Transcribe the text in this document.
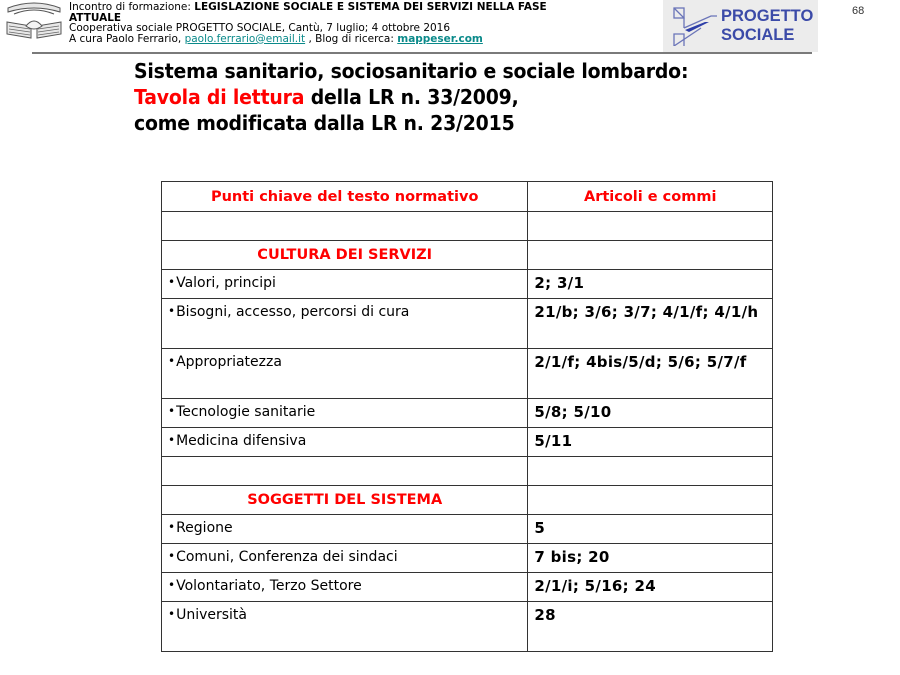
Incontro di formazione: LEGISLAZIONE SOCIALE E SISTEMA DEI SERVIZI NELLA FASE
ATTUALE
Cooperativa sociale PROGETTO SOCIALE, Cantù, 7 luglio; 4 ottobre 2016
A cura Paolo Ferrario, paolo.ferrario@email.it , Blog di ricerca: mappeser.com
PROGETTO
SOCIALE
68
Sistema sanitario, sociosanitario e sociale lombardo:
Tavola di lettura della LR n. 33/2009,
come modificata dalla LR n. 23/2015
Punti chiave del testo normativo	Articoli e commi

CULTURA DEI SERVIZI	
•Valori, principi	2; 3/1
•Bisogni, accesso, percorsi di cura	21/b; 3/6; 3/7; 4/1/f; 4/1/h
•Appropriatezza	2/1/f; 4bis/5/d; 5/6; 5/7/f
•Tecnologie sanitarie	5/8; 5/10
•Medicina difensiva	5/11

SOGGETTI DEL SISTEMA	
•Regione	5
•Comuni, Conferenza dei sindaci	7 bis; 20
•Volontariato, Terzo Settore	2/1/i; 5/16; 24
•Università	28
